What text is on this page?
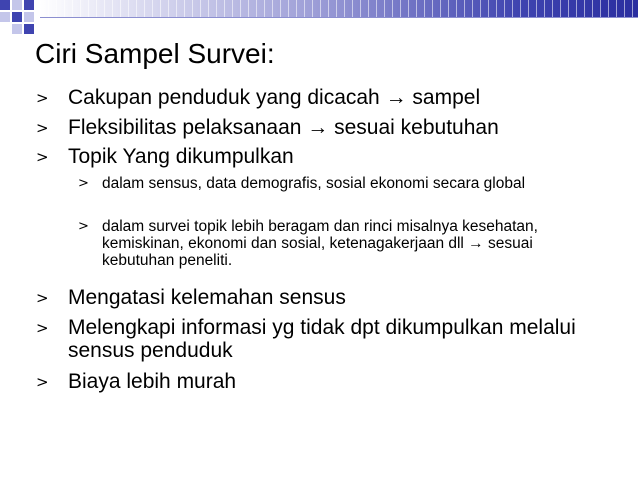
Ciri Sampel Survei:
> Cakupan penduduk yang dicacah → sampel
> Fleksibilitas pelaksanaan → sesuai kebutuhan
> Topik Yang dikumpulkan
> dalam sensus, data demografis, sosial ekonomi secara global
> dalam survei topik lebih beragam dan rinci misalnya kesehatan, kemiskinan, ekonomi dan sosial, ketenagakerjaan dll → sesuai kebutuhan peneliti.
> Mengatasi kelemahan sensus
> Melengkapi informasi yg tidak dpt dikumpulkan melalui sensus penduduk
> Biaya lebih murah
